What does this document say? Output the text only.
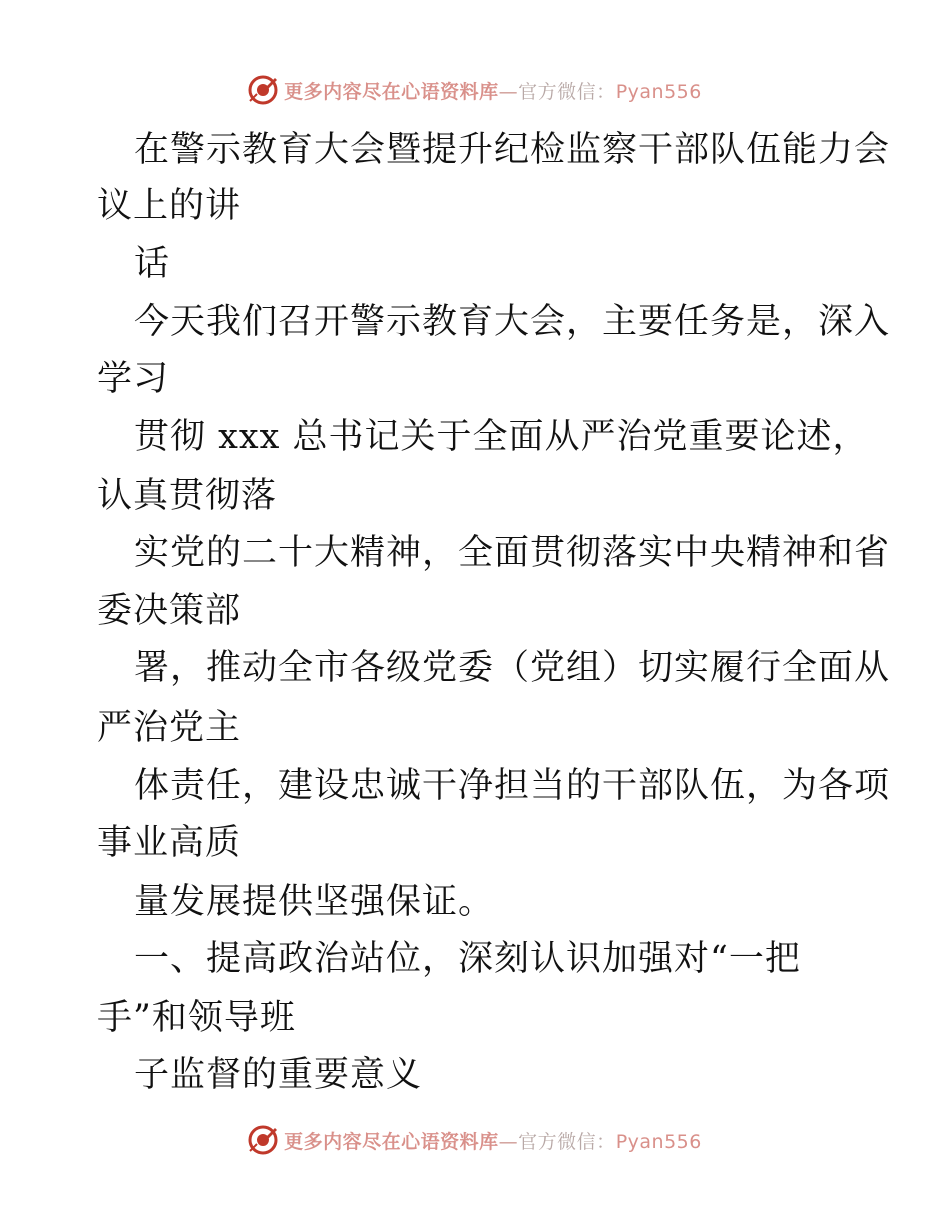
更多内容尽在心语资料库—官方微信：Pyan556
在警示教育大会暨提升纪检监察干部队伍能力会
议上的讲
话
今天我们召开警示教育大会，主要任务是，深入
学习
贯彻 xxx 总书记关于全面从严治党重要论述，
认真贯彻落
实党的二十大精神，全面贯彻落实中央精神和省
委决策部
署，推动全市各级党委（党组）切实履行全面从
严治党主
体责任，建设忠诚干净担当的干部队伍，为各项
事业高质
量发展提供坚强保证。
一、提高政治站位，深刻认识加强对“一把
手”和领导班
子监督的重要意义
更多内容尽在心语资料库—官方微信：Pyan556
